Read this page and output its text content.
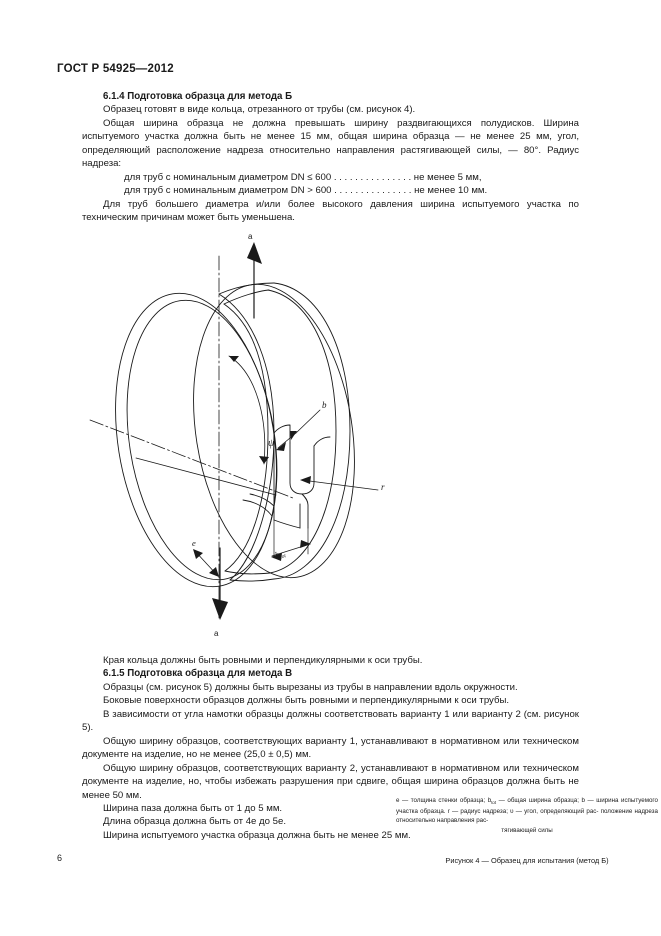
ГОСТ Р 54925—2012

6.1.4 Подготовка образца для метода Б

Образец готовят в виде кольца, отрезанного от трубы (см. рисунок 4).

Общая ширина образца не должна превышать ширину раздвигающихся полудисков. Ширина испытуемого участка должна быть не менее 15 мм, общая ширина образца — не менее 25 мм, угол, определяющий расположение надреза относительно направления растягивающей силы, — 80°. Радиус надреза:

для труб с номинальным диаметром DN ≤ 600 . . . . . . . . . . . . . . . не менее 5 мм,

для труб с номинальным диаметром DN > 600 . . . . . . . . . . . . . . . не менее 10 мм.

Для труб большего диаметра и/или более высокого давления ширина испытуемого участка по техническим причинам может быть уменьшена.

a
a
ψ
b
r
$b_{tot}$
e
e — толщина стенки образца; $b_{tot}$ — общая ширина образца; b — ширина испытуемого участка образца. r — радиус надреза; υ — угол, определяющий рас- положение надреза относительно направления рас-
тягивающей силы
Рисунок 4 — Образец для испытания (метод Б)

Края кольца должны быть ровными и перпендикулярными к оси трубы.

6.1.5 Подготовка образца для метода В

Образцы (см. рисунок 5) должны быть вырезаны из трубы в направлении вдоль окружности.

Боковые поверхности образцов должны быть ровными и перпендикулярными к оси трубы.

В зависимости от угла намотки образцы должны соответствовать варианту 1 или варианту 2 (см. рисунок 5).

Общую ширину образцов, соответствующих варианту 1, устанавливают в нормативном или техническом документе на изделие, но не менее (25,0 ± 0,5) мм.

Общую ширину образцов, соответствующих варианту 2, устанавливают в нормативном или техническом документе на изделие, но, чтобы избежать разрушения при сдвиге, общая ширина образцов должна быть не менее 50 мм.

Ширина паза должна быть от 1 до 5 мм.

Длина образца должна быть от 4е до 5е.

Ширина испытуемого участка образца должна быть не менее 25 мм.

6
